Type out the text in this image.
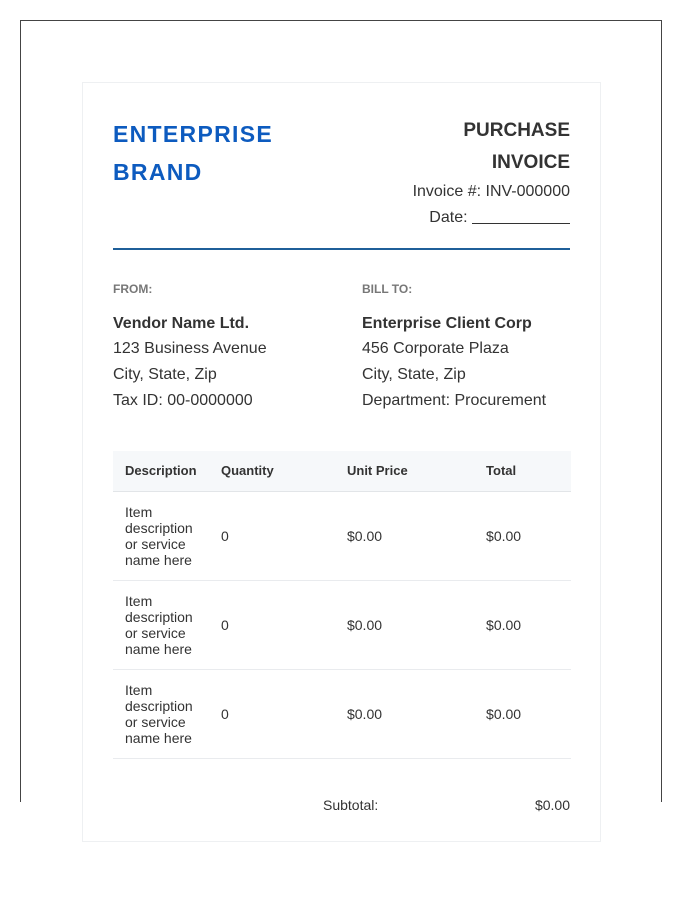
ENTERPRISE BRAND
PURCHASE INVOICE
Invoice #: INV-000000
Date:
FROM:
Vendor Name Ltd.
123 Business Avenue
City, State, Zip
Tax ID: 00-0000000
BILL TO:
Enterprise Client Corp
456 Corporate Plaza
City, State, Zip
Department: Procurement
Description	Quantity	Unit Price	Total
Item description or service name here	0	$0.00	$0.00
Item description or service name here	0	$0.00	$0.00
Item description or service name here	0	$0.00	$0.00
Subtotal:	$0.00
